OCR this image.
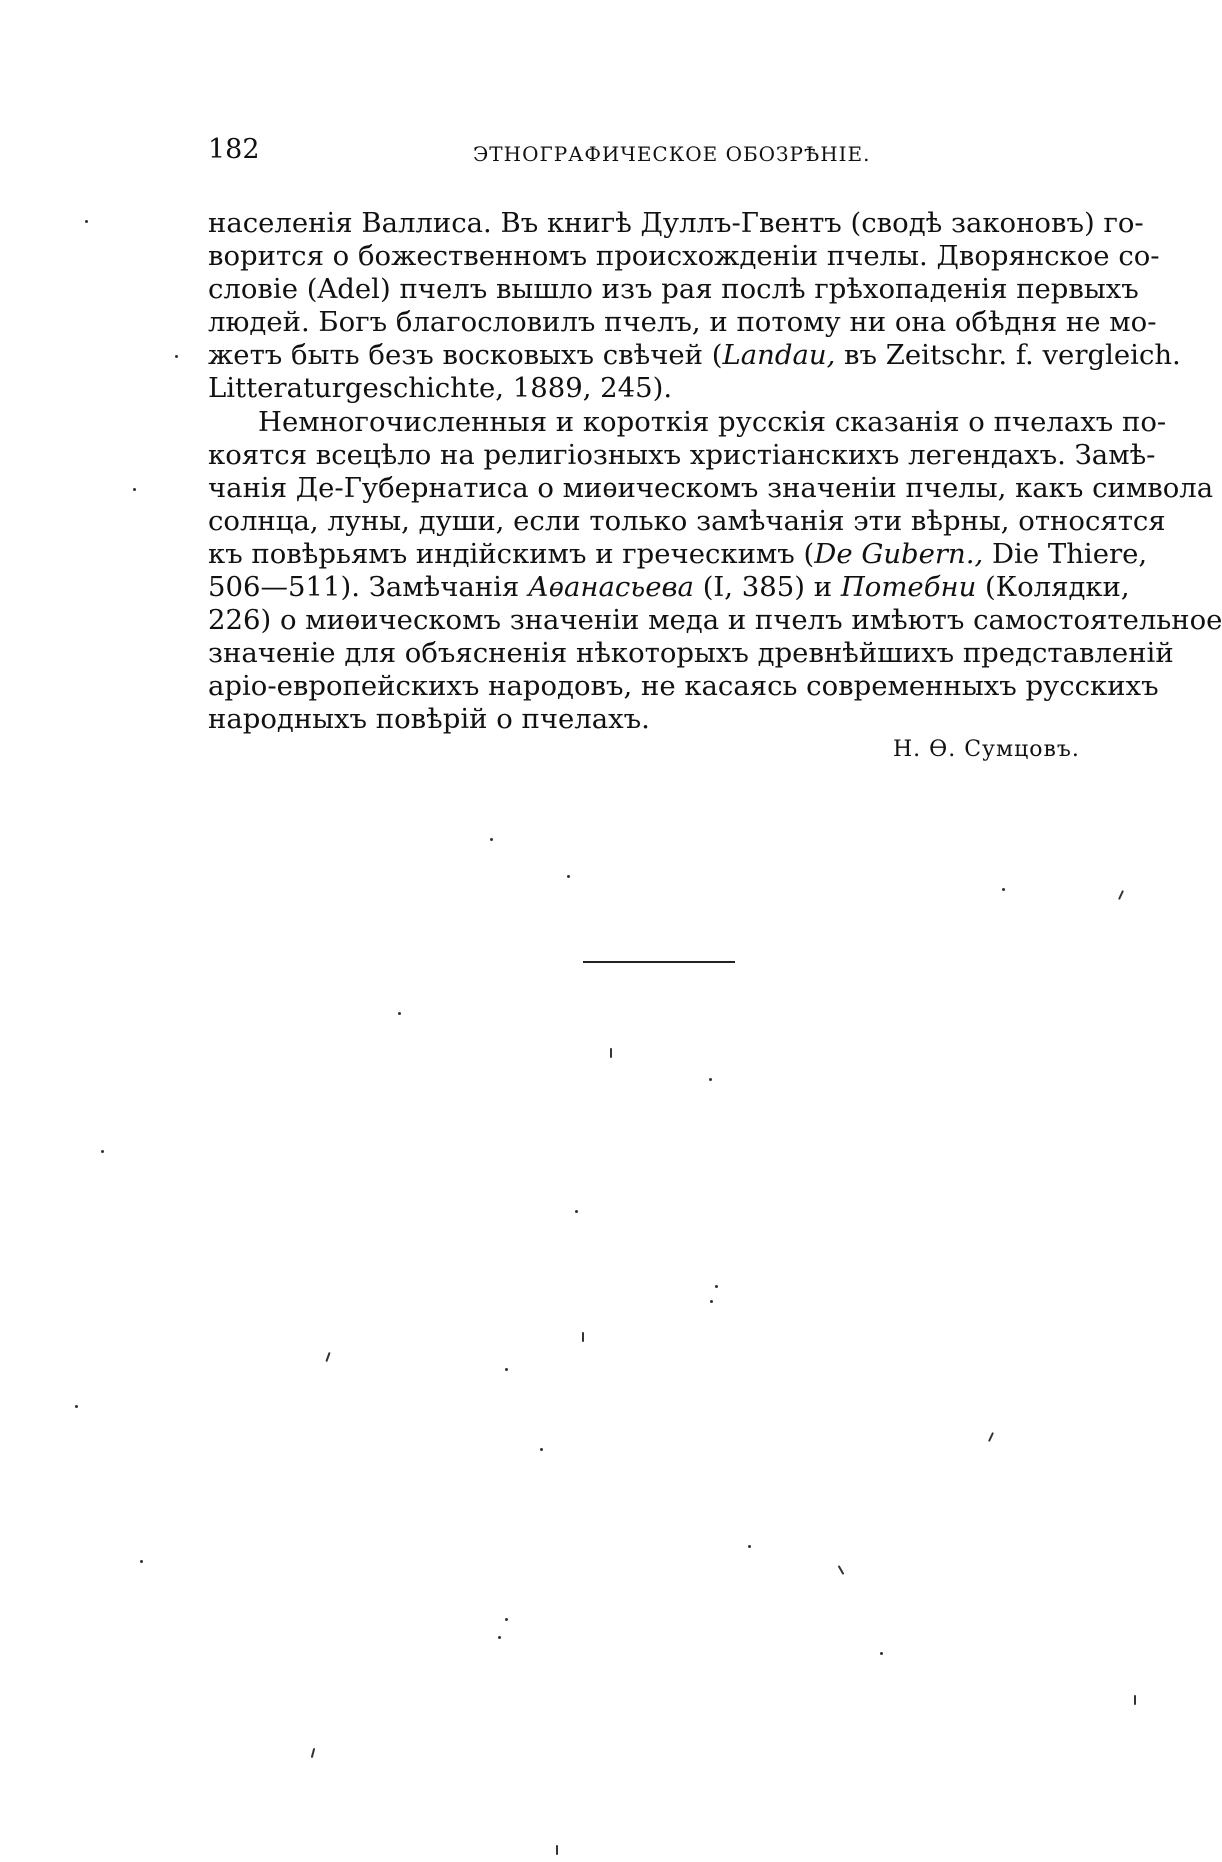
182	ЭТНОГРАФИЧЕСКОЕ ОБОЗРѢНІЕ.
населенія Валлиса. Въ книгѣ Дуллъ-Гвентъ (сводѣ законовъ) го-
ворится о божественномъ происхожденіи пчелы. Дворянское со-
словіе (Adel) пчелъ вышло изъ рая послѣ грѣхопаденія первыхъ
людей. Богъ благословилъ пчелъ, и потому ни она обѣдня не мо-
жетъ быть безъ восковыхъ свѣчей (Landau, въ Zeitschr. f. vergleich.
Litteraturgeschichte, 1889, 245).
Немногочисленныя и короткія русскія сказанія о пчелахъ по-
коятся всецѣло на религіозныхъ христіанскихъ легендахъ. Замѣ-
чанія Де-Губернатиса о миѳическомъ значеніи пчелы, какъ символа
солнца, луны, души, если только замѣчанія эти вѣрны, относятся
къ повѣрьямъ индійскимъ и греческимъ (De Gubern., Die Thiere,
506—511). Замѣчанія Аѳанасьева (I, 385) и Потебни (Колядки,
226) о миѳическомъ значеніи меда и пчелъ имѣютъ самостоятельное
значеніе для объясненія нѣкоторыхъ древнѣйшихъ представленій
аріо-европейскихъ народовъ, не касаясь современныхъ русскихъ
народныхъ повѣрій о пчелахъ.
Н. Ѳ. Сумцовъ.
